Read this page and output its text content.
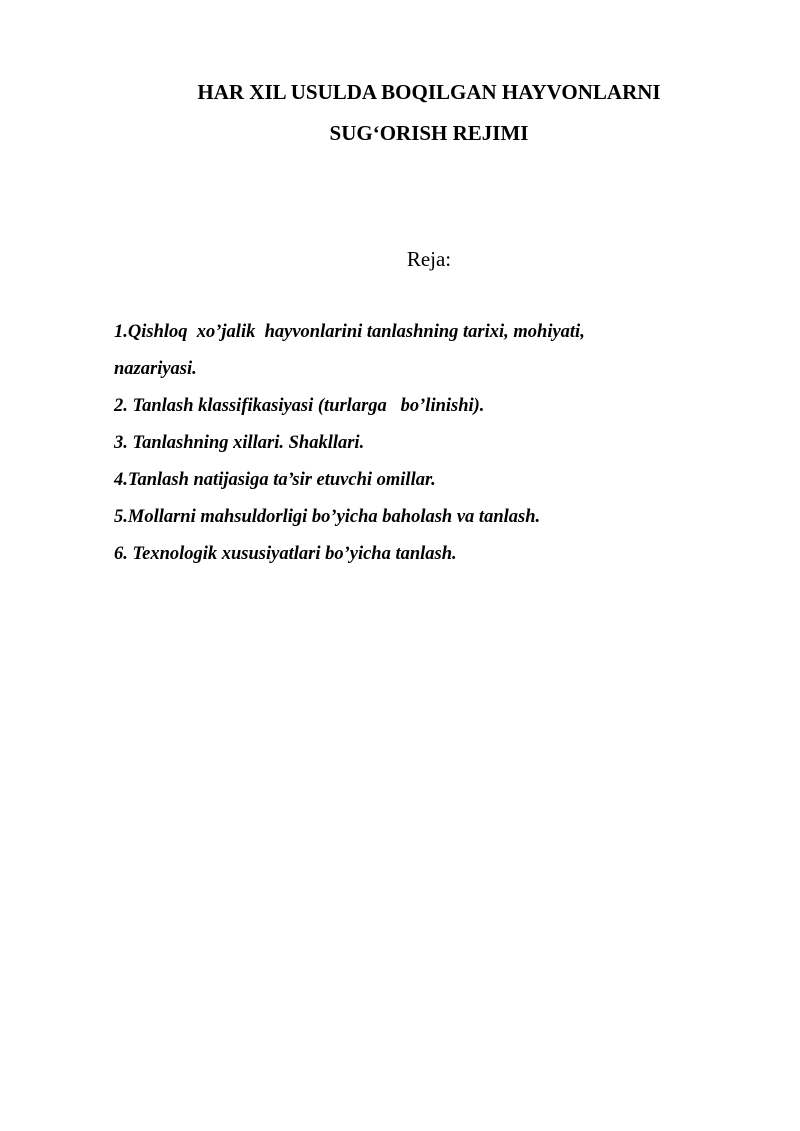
HAR XIL USULDA BOQILGAN HAYVONLARNI
SUG‘ORISH REJIMI
Reja:
1.Qishloq  xo’jalik  hayvonlarini tanlashning tarixi, mohiyati,
nazariyasi.
2. Tanlash klassifikasiyasi (turlarga   bo’linishi).
3. Tanlashning xillari. Shakllari.
4.Tanlash natijasiga ta’sir etuvchi omillar.
5.Mollarni mahsuldorligi bo’yicha baholash va tanlash.
6. Texnologik xususiyatlari bo’yicha tanlash.
